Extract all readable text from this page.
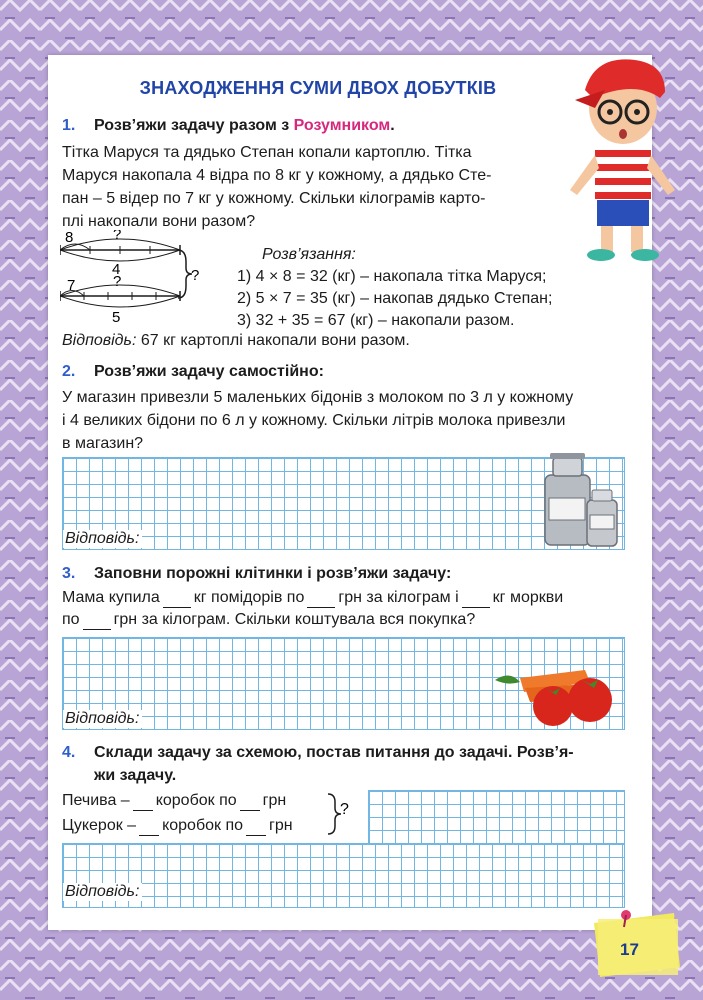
ЗНАХОДЖЕННЯ СУМИ ДВОХ ДОБУТКІВ
1. Розв’яжи задачу разом з Розумником.
Тітка Маруся та дядько Степан копали картоплю. Тітка
Маруся накопала 4 відра по 8 кг у кожному, а дядько Сте-
пан – 5 відер по 7 кг у кожному. Скільки кілограмів карто-
плі накопали вони разом?
8	?
4
7	?
5
?
Розв’язання:
1) 4 × 8 = 32 (кг) – накопала тітка Маруся;
2) 5 × 7 = 35 (кг) – накопав дядько Степан;
3) 32 + 35 = 67 (кг) – накопали разом.
Відповідь: 67 кг картоплі накопали вони разом.
2. Розв’яжи задачу самостійно:
У магазин привезли 5 маленьких бідонів з молоком по 3 л у кожному
і 4 великих бідони по 6 л у кожному. Скільки літрів молока привезли
в магазин?
Відповідь:
3. Заповни порожні клітинки і розв’яжи задачу:
Мама купила кг помідорів по грн за кілограм і кг моркви
по грн за кілограм. Скільки коштувала вся покупка?
Відповідь:
4. Склади задачу за схемою, постав питання до задачі. Розв’я-
жи задачу.
Печива – коробок по грн
Цукерок – коробок по грн
?
Відповідь:
17
